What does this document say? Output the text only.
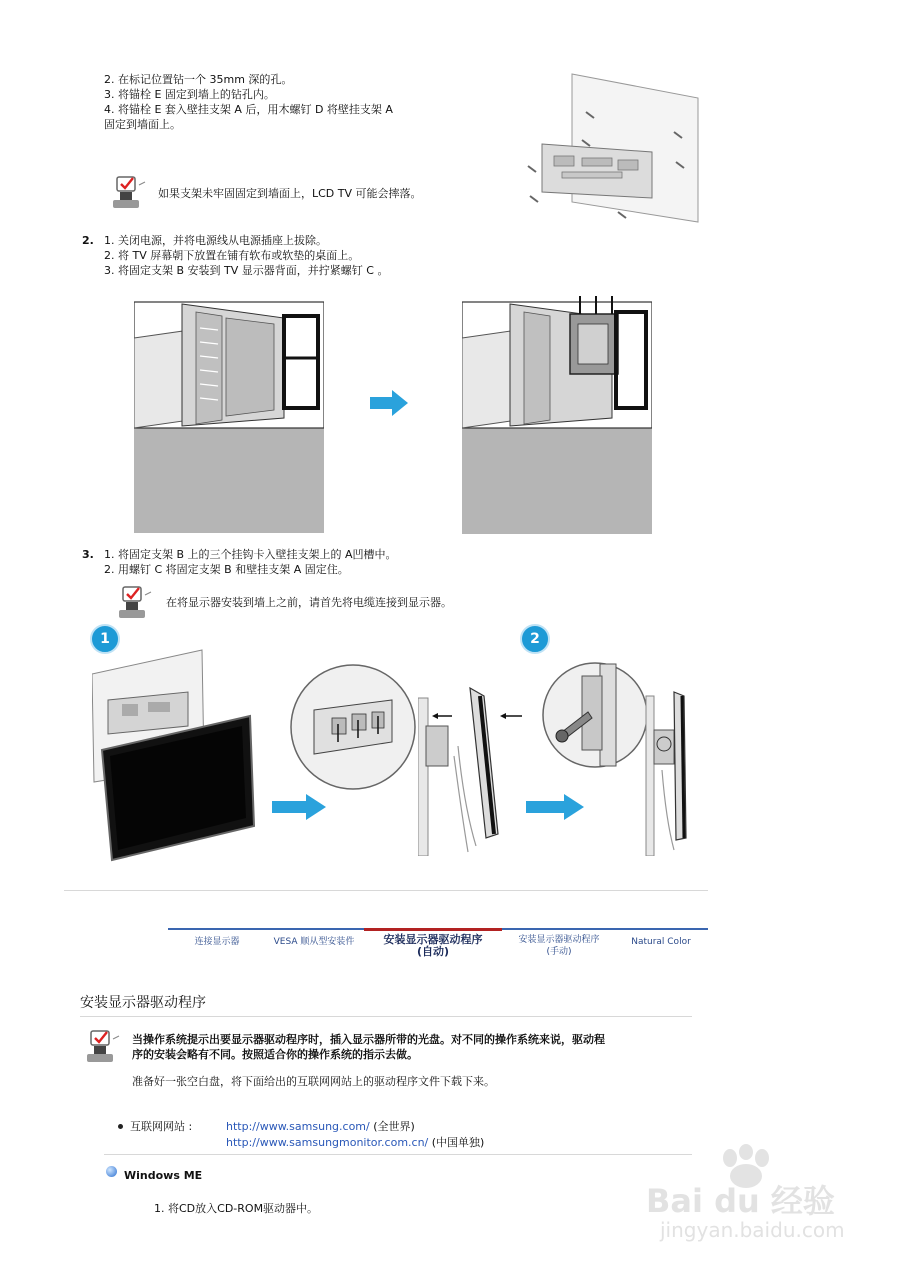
2. 在标记位置钻一个 35mm 深的孔。
3. 将锚栓 E 固定到墙上的钻孔内。
4. 将锚栓 E 套入壁挂支架 A 后，用木螺钉 D 将壁挂支架 A
固定到墙面上。
如果支架未牢固固定到墙面上，LCD TV 可能会摔落。
2. 1. 关闭电源，并将电源线从电源插座上拔除。
2. 将 TV 屏幕朝下放置在铺有软布或软垫的桌面上。
3. 将固定支架 B 安装到 TV 显示器背面，并拧紧螺钉 C 。
3. 1. 将固定支架 B 上的三个挂钩卡入壁挂支架上的 A凹槽中。
2. 用螺钉 C 将固定支架 B 和壁挂支架 A 固定住。
在将显示器安装到墙上之前，请首先将电缆连接到显示器。
1	2
连接显示器	VESA 顺从型安装件	安装显示器驱动程序
(自动)
安装显示器驱动程序
(手动)
Natural Color
安装显示器驱动程序
当操作系统提示出要显示器驱动程序时，插入显示器所带的光盘。对不同的操作系统来说，驱动程
序的安装会略有不同。按照适合你的操作系统的指示去做。
准备好一张空白盘，将下面给出的互联网网站上的驱动程序文件下载下来。
互联网网站 :	http://www.samsung.com/ (全世界)
http://www.samsungmonitor.com.cn/ (中国单独)
Windows ME
1. 将CD放入CD-ROM驱动器中。	Bai du 经验
jingyan.baidu.com
